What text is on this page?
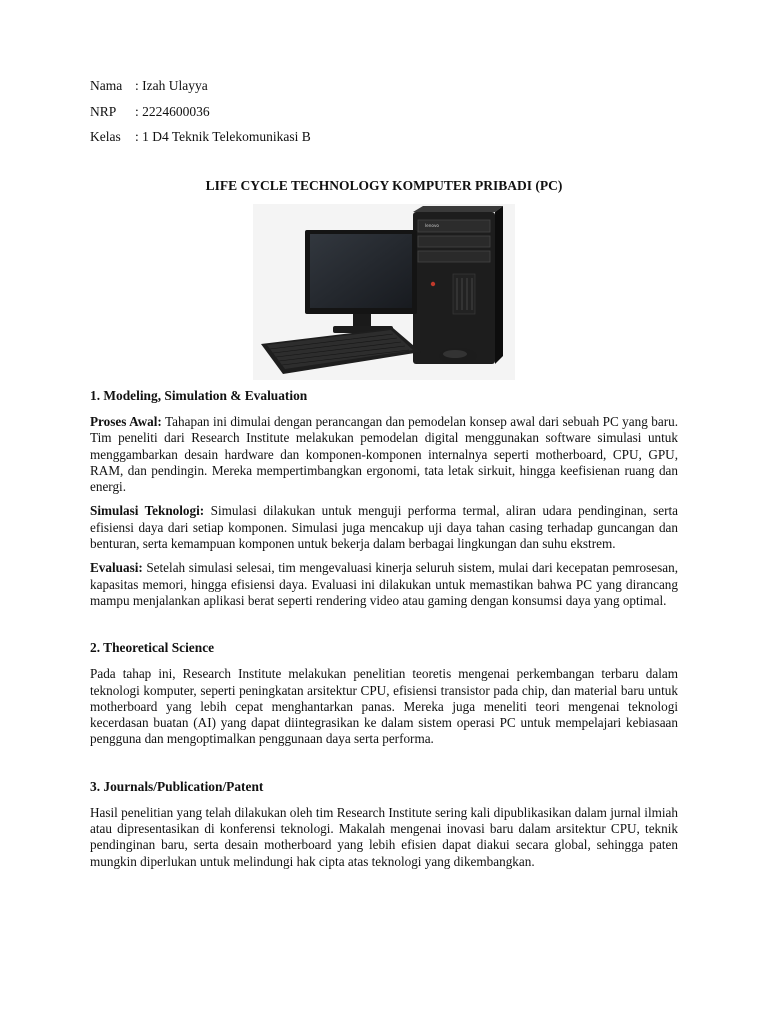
Nama : Izah Ulayya
NRP	: 2224600036
Kelas	: 1 D4 Teknik Telekomunikasi B
LIFE CYCLE TECHNOLOGY KOMPUTER PRIBADI (PC)
lenovo
1. Modeling, Simulation & Evaluation

Proses Awal: Tahapan ini dimulai dengan perancangan dan pemodelan konsep awal dari sebuah PC yang baru. Tim peneliti dari Research Institute melakukan pemodelan digital menggunakan software simulasi untuk menggambarkan desain hardware dan komponen-komponen internalnya seperti motherboard, CPU, GPU, RAM, dan pendingin. Mereka mempertimbangkan ergonomi, tata letak sirkuit, hingga keefisienan ruang dan energi.

Simulasi Teknologi: Simulasi dilakukan untuk menguji performa termal, aliran udara pendinginan, serta efisiensi daya dari setiap komponen. Simulasi juga mencakup uji daya tahan casing terhadap guncangan dan benturan, serta kemampuan komponen untuk bekerja dalam berbagai lingkungan dan suhu ekstrem.

Evaluasi: Setelah simulasi selesai, tim mengevaluasi kinerja seluruh sistem, mulai dari kecepatan pemrosesan, kapasitas memori, hingga efisiensi daya. Evaluasi ini dilakukan untuk memastikan bahwa PC yang dirancang mampu menjalankan aplikasi berat seperti rendering video atau gaming dengan konsumsi daya yang optimal.

2. Theoretical Science

Pada tahap ini, Research Institute melakukan penelitian teoretis mengenai perkembangan terbaru dalam teknologi komputer, seperti peningkatan arsitektur CPU, efisiensi transistor pada chip, dan material baru untuk motherboard yang lebih cepat menghantarkan panas. Mereka juga meneliti teori mengenai teknologi kecerdasan buatan (AI) yang dapat diintegrasikan ke dalam sistem operasi PC untuk mempelajari kebiasaan pengguna dan mengoptimalkan penggunaan daya serta performa.

3. Journals/Publication/Patent

Hasil penelitian yang telah dilakukan oleh tim Research Institute sering kali dipublikasikan dalam jurnal ilmiah atau dipresentasikan di konferensi teknologi. Makalah mengenai inovasi baru dalam arsitektur CPU, teknik pendinginan baru, serta desain motherboard yang lebih efisien dapat diakui secara global, sehingga paten mungkin diperlukan untuk melindungi hak cipta atas teknologi yang dikembangkan.
